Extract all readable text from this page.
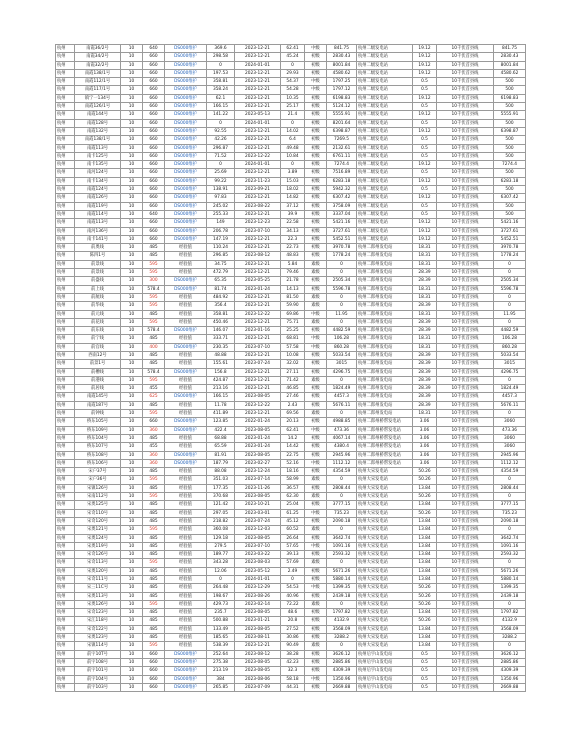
杭州	南霞36/2号	10	640	DS000维护	369.6	2023-12-21	62.41	中级	841.75	杭州二级发电站	19.12	10千伏首县线	841.75
杭州	南霞34/2号	10	660	DS000维护	298.58	2023-12-21	45.24	初级	2830.43	杭州二级发电站	19.12	10千伏首县线	2830.43
杭州	南霞32/2号	10	660	DS000维护	0	2024-01-01	0	初级	8001.84	杭州二级发电站	19.12	10千伏首县线	8001.84
杭州	南霞138/1号	10	660	DS000维护	197.53	2023-12-21	29.93	初级	4580.62	杭州二级发电站	19.12	10千伏首县线	4580.62
杭州	南霞112/1号	10	660	DS000维护	358.81	2023-12-21	54.37	中级	1797.25	杭州二级发电站	0.5	10千伏首县线	500
杭州	南霞117/1号	10	660	DS000维护	358.24	2023-12-21	54.28	中级	1797.12	杭州二级发电站	0.5	10千伏首县线	500
杭州	镇宁一134号	10	660	DS000维护	62.1	2023-12-21	10.35	初级	6198.83	杭州二级发电站	19.12	10千伏首县线	6198.83
杭州	南霞126/1号	10	660	DS000维护	166.15	2023-12-21	25.17	初级	5124.12	杭州二级发电站	0.5	10千伏首县线	500
杭州	南霞144号	10	660	DS000维护	141.22	2023-05-13	21.4	初级	5555.91	杭州二级发电站	19.12	10千伏首县线	5555.91
杭州	南霞128号	10	660	DS000维护	0	2024-01-01	0	初级	8201.64	杭州二级发电站	0.5	10千伏首县线	500
杭州	南霞132号	10	660	DS000维护	92.55	2023-12-21	14.02	初级	6398.87	杭州二级发电站	19.12	10千伏首县线	6398.87
杭州	南霞138/1号	10	660	DS000维护	42.26	2023-12-21	6.4	初级	7269.5	杭州二级发电站	0.5	10千伏首县线	500
杭州	南霞113号	10	660	DS000维护	296.87	2023-12-21	49.48	初级	2132.61	杭州二级发电站	0.5	10千伏首县线	500
杭州	南卡125号	10	660	DS000维护	71.52	2023-12-22	10.84	初级	6761.11	杭州二级发电站	0.5	10千伏首县线	500
杭州	南卡135号	10	660	DS000维护	0	2024-01-01	0	初级	7274.4	杭州二级发电站	19.12	10千伏首县线	7274.4
杭州	南河124号	10	660	DS000维护	25.69	2023-12-21	3.89	初级	7516.89	杭州二级发电站	0.5	10千伏首县线	500
杭州	南卡134号	10	660	DS000维护	99.22	2023-11-23	15.03	初级	6283.18	杭州二级发电站	19.12	10千伏首县线	6283.18
杭州	南霞124号	10	660	DS000维护	138.91	2023-09-21	18.02	初级	5942.32	杭州二级发电站	0.5	10千伏首县线	500
杭州	南霞126号	10	660	DS000维护	97.83	2023-12-21	14.82	初级	6307.42	杭州二级发电站	19.12	10千伏首县线	6307.42
杭州	南霞119号	10	660	DS000维护	245.02	2023-08-22	37.12	初级	3758.09	杭州二级发电站	0.5	10千伏首县线	500
杭州	南霞114号	10	640	DS000维护	255.33	2023-12-21	39.9	初级	3337.04	杭州二级发电站	0.5	10千伏首县线	500
杭州	南霞113号	10	660	DS000维护	149	2023-12-23	22.58	初级	5421.16	杭州二级发电站	19.12	10千伏首县线	5421.16
杭州	南河136号	10	660	DS000维护	206.78	2023-07-10	34.13	初级	3727.61	杭州二级发电站	19.12	10千伏首县线	3727.61
杭州	南卡141号	10	660	DS000维护	147.19	2023-12-21	22.3	初级	5452.51	杭州二级发电站	19.12	10千伏首县线	5452.51
杭州	前奥线	10	485	经验值	110.24	2023-12-21	22.73	初级	3970.78	杭州二郎州发电站	18.31	10千伏首县线	3970.78
杭州	陈四1号	10	485	经验值	296.85	2023-08-12	48.83	初级	1778.24	杭州二郎州发电站	18.31	10千伏首县线	1778.24
杭州	前景线	10	595	经验值	34.75	2023-12-21	5.84	素级	0	杭州二郎州发电站	18.31	10千伏首县线	0
杭州	前景线	10	595	经验值	472.79	2023-12-21	79.46	素级	0	杭州二郎州发电站	28.39	10千伏首县线	0
杭州	前盛线	10	300	DS000维护	65.35	2023-05-25	21.78	初级	2505.34	杭州二郎州发电站	28.39	10千伏首县线	2505.34
杭州	前上线	10	578.4	DS000维护	81.74	2023-01-24	14.13	初级	5596.78	杭州二郎州发电站	18.31	10千伏首县线	5596.78
杭州	前航线	10	595	经验值	484.92	2023-12-21	81.50	素级	0	杭州二郎州发电站	18.31	10千伏首县线	0
杭州	前华线	10	595	经验值	356.4	2023-12-21	59.90	素级	0	杭州二郎州发电站	28.39	10千伏首县线	0
杭州	前元线	10	485	经验值	358.81	2023-12-22	69.86	中级	11.95	杭州二郎州发电站	18.31	10千伏首县线	11.95
杭州	前花线	10	595	经验值	450.46	2023-12-21	75.71	素级	0	杭州二郎州发电站	28.39	10千伏首县线	0
杭州	前东线	10	578.4	DS000维护	146.07	2023-01-16	25.25	初级	4482.59	杭州二郎州发电站	28.39	10千伏首县线	4482.59
杭州	前宁线	10	485	经验值	333.71	2023-12-21	68.81	中级	106.28	杭州二郎州发电站	18.31	10千伏首县线	106.28
杭州	前官线	10	400	DS000维护	230.35	2023-07-10	57.58	中级	860.28	杭州二郎州发电站	18.31	10千伏首县线	860.28
杭州	西南12号	10	485	经验值	48.88	2023-12-21	10.08	初级	5033.54	杭州二郎州发电站	28.39	10千伏首县线	5033.54
杭州	前景1号	10	485	经验值	155.61	2023-07-24	32.02	初级	3015	杭州二郎州发电站	28.39	10千伏首县线	3015
杭州	前槽线	10	578.4	DS000维护	156.8	2023-12-21	27.11	初级	4296.75	杭州二郎州发电站	28.39	10千伏首县线	4296.75
杭州	前港线	10	595	经验值	424.87	2023-12-21	71.42	素级	0	杭州二郎州发电站	28.39	10千伏首县线	0
杭州	前居线	10	455	经验值	213.16	2023-12-21	46.85	初级	1824.49	杭州二郎州发电站	28.39	10千伏首县线	1824.49
杭州	南霞145号	10	625	DS000维护	166.15	2023-08-05	27.46	初级	4457.3	杭州二郎州发电站	28.39	10千伏首县线	4457.3
杭州	南霞187号	10	485	经验值	11.78	2023-12-22	2.43	初级	5676.11	杭州二郎州发电站	28.39	10千伏首县线	5676.11
杭州	前钟线	10	595	经验值	411.89	2023-12-21	69.56	素级	0	杭州二郎州发电站	18.31	10千伏首县线	0
杭州	桥东105号	10	660	DS000维护	123.85	2022-01-24	20.13	初级	4988.85	杭州二郎州桥帮发电站	3.06	10千伏首县线	3060
杭州	桥东109号	10	360	DS000维护	422.4	2023-08-05	62.41	中级	473.36	杭州二郎州桥帮发电站	3.06	10千伏首县线	473.36
杭州	桥东104号	10	485	经验值	68.88	2023-01-24	14.2	初级	4067.14	杭州二郎州桥帮发电站	3.06	10千伏首县线	3060
杭州	桥东107号	10	455	经验值	65.59	2023-01-24	14.42	初级	4380.4	杭州二郎州桥帮发电站	3.06	10千伏首县线	3060
杭州	桥东108号	10	360	DS000维护	81.91	2023-08-05	22.75	初级	2945.96	杭州二郎州桥帮发电站	3.06	10千伏首县线	2945.96
杭州	桥东106号	10	360	DS000维护	187.79	2023-02-27	52.16	中级	1112.12	杭州二郎州桥帮发电站	3.06	10千伏首县线	1112.12
杭州	宋户37号	10	485	经验值	88.08	2023-12-24	18.16	初级	4354.59	杭州大宋发电站	50.26	10千伏首县线	4354.59
杭州	宋户36号	10	595	经验值	351.03	2023-07-14	58.99	素级	0	杭州大宋发电站	50.26	10千伏首县线	0
杭州	宋镇126号	10	485	经验值	177.35	2023-11-26	36.57	初级	2808.44	杭州大宋发电站	13.84	10千伏首县线	2808.44
杭州	宋南112号	10	595	经验值	370.68	2023-08-05	62.30	素级	0	杭州大宋发电站	50.26	10千伏首县线	0
杭州	宋奥125号	10	485	经验值	121.42	2023-10-21	25.04	初级	3777.15	杭州大宋发电站	13.84	10千伏首县线	3777.15
杭州	宋奇110号	10	485	经验值	297.05	2023-03-01	61.25	中级	735.23	杭州大宋发电站	50.26	10千伏首县线	735.23
杭州	宋奇120号	10	485	经验值	218.82	2023-07-24	45.12	初级	2090.18	杭州大宋发电站	13.84	10千伏首县线	2090.18
杭州	宋奥121号	10	595	经验值	360.08	2023-12-03	60.52	素级	0	杭州大宋发电站	13.84	10千伏首县线	0
杭州	宋奥124号	10	485	经验值	129.18	2023-08-05	26.64	初级	3642.74	杭州大宋发电站	13.84	10千伏首县线	3642.74
杭州	宋奥119号	10	485	经验值	279.5	2023-07-10	57.65	中级	1091.16	杭州大宋发电站	13.84	10千伏首县线	1091.16
杭州	宋奇126号	10	485	经验值	189.77	2023-03-22	39.13	初级	2593.32	杭州大宋发电站	13.84	10千伏首县线	2593.32
杭州	宋奇113号	10	595	经验值	343.28	2023-08-03	57.69	素级	0	杭州大宋发电站	13.84	10千伏首县线	0
杭州	宋奥120号	10	485	经验值	12.06	2023-05-12	2.49	初级	5671.26	杭州大宋发电站	13.84	10千伏首县线	5671.26
杭州	宋奇111号	10	485	经验值	0	2024-01-01	0	初级	5880.14	杭州大宋发电站	13.84	10千伏首县线	5880.14
杭州	宋三11C号	10	485	经验值	264.48	2023-12-29	54.53	中级	1399.35	杭州大宋发电站	50.26	10千伏首县线	1399.35
杭州	宋奥113号	10	485	经验值	198.67	2023-08-26	40.96	初级	2439.18	杭州大宋发电站	50.26	10千伏首县线	2439.18
杭州	宋奥126号	10	595	经验值	429.73	2023-02-14	72.22	素级	0	杭州大宋发电站	50.26	10千伏首县线	0
杭州	宋奇123号	10	485	经验值	235.7	2023-08-05	48.6	初级	1797.82	杭州大宋发电站	13.84	10千伏首县线	1797.82
杭州	宋江118号	10	485	经验值	500.88	2023-01-21	20.8	初级	4132.9	杭州大宋发电站	50.26	10千伏首县线	4132.9
杭州	宋奇122号	10	485	经验值	133.49	2023-08-05	27.52	初级	3568.09	杭州大宋发电站	13.84	10千伏首县线	3568.09
杭州	宋奥123号	10	485	经验值	185.65	2023-08-11	30.86	初级	3288.2	杭州大宋发电站	13.84	10千伏首县线	3288.2
杭州	宋镇114号	10	595	经验值	538.39	2023-12-21	90.49	素级	0	杭州大宋发电站	13.84	10千伏首县线	0
杭州	前宇10T号	10	660	DS000维护	252.64	2023-08-12	38.28	初级	3626.12	杭州后宇山发电站	0.5	10千伏首县线	3626.12
杭州	前宇108号	10	660	DS000维护	275.38	2023-08-05	42.23	初级	2885.86	杭州后宇山发电站	0.5	10千伏首县线	2885.86
杭州	前宇101号	10	660	DS000维护	213.19	2023-08-05	32.3	初级	4309.39	杭州后宇山发电站	0.5	10千伏首县线	4309.39
杭州	前宇104号	10	660	DS000维护	384	2023-08-06	58.18	中级	1350.96	杭州后宇山发电站	0.5	10千伏首县线	1350.96
杭州	前宇103号	10	660	DS000维护	265.85	2023-07-09	44.31	初级	2669.88	杭州后宇山发电站	0.5	10千伏首县线	2669.88
